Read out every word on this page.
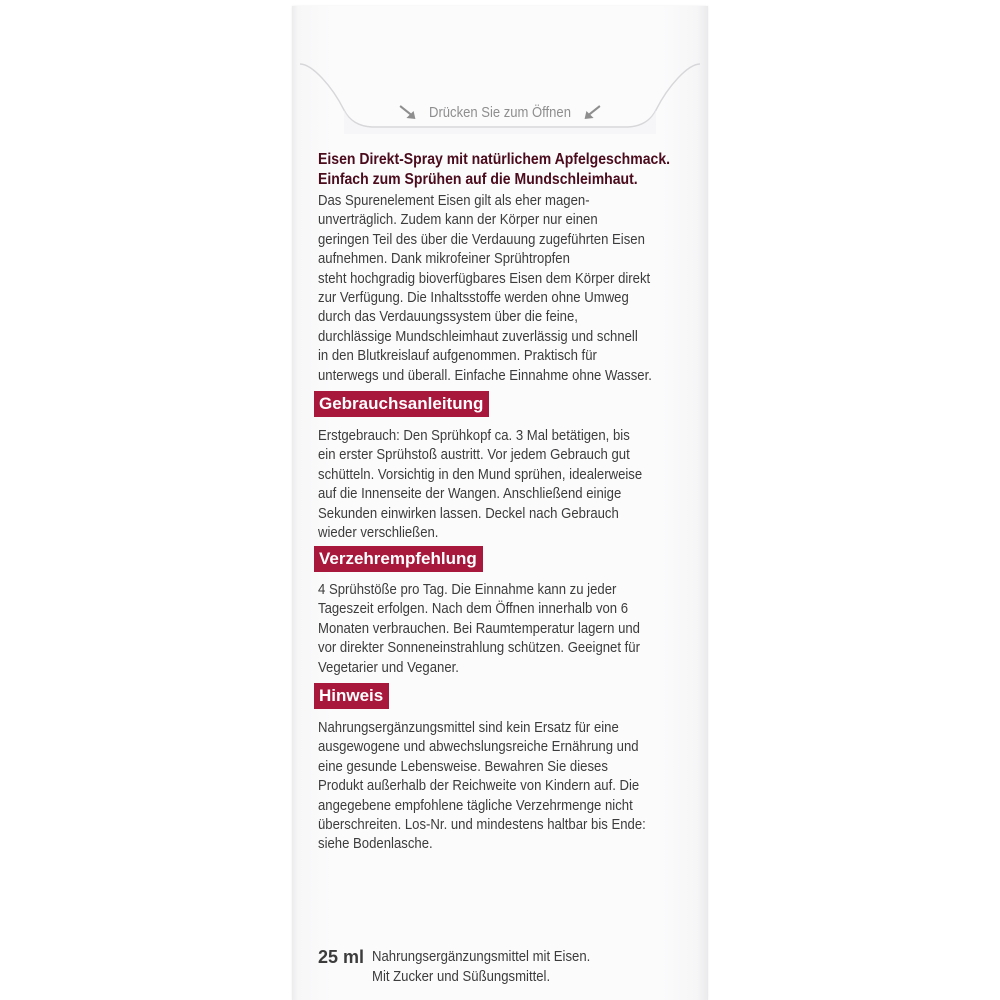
Drücken Sie zum Öffnen

Eisen Direkt-Spray mit natürlichem Apfelgeschmack.
Einfach zum Sprühen auf die Mundschleimhaut.

Das Spurenelement Eisen gilt als eher magen-
unverträglich. Zudem kann der Körper nur einen
geringen Teil des über die Verdauung zugeführten Eisen
aufnehmen. Dank mikrofeiner Sprühtropfen
steht hochgradig bioverfügbares Eisen dem Körper direkt
zur Verfügung. Die Inhaltsstoffe werden ohne Umweg
durch das Verdauungssystem über die feine,
durchlässige Mundschleimhaut zuverlässig und schnell
in den Blutkreislauf aufgenommen. Praktisch für
unterwegs und überall. Einfache Einnahme ohne Wasser.

Gebrauchsanleitung

Erstgebrauch: Den Sprühkopf ca. 3 Mal betätigen, bis
ein erster Sprühstoß austritt. Vor jedem Gebrauch gut
schütteln. Vorsichtig in den Mund sprühen, idealerweise
auf die Innenseite der Wangen. Anschließend einige
Sekunden einwirken lassen. Deckel nach Gebrauch
wieder verschließen.

Verzehrempfehlung

4 Sprühstöße pro Tag. Die Einnahme kann zu jeder
Tageszeit erfolgen. Nach dem Öffnen innerhalb von 6
Monaten verbrauchen. Bei Raumtemperatur lagern und
vor direkter Sonneneinstrahlung schützen. Geeignet für
Vegetarier und Veganer.

Hinweis

Nahrungsergänzungsmittel sind kein Ersatz für eine
ausgewogene und abwechslungsreiche Ernährung und
eine gesunde Lebensweise. Bewahren Sie dieses
Produkt außerhalb der Reichweite von Kindern auf. Die
angegebene empfohlene tägliche Verzehrmenge nicht
überschreiten. Los-Nr. und mindestens haltbar bis Ende:
siehe Bodenlasche.

25 ml Nahrungsergänzungsmittel mit Eisen.
Mit Zucker und Süßungsmittel.
